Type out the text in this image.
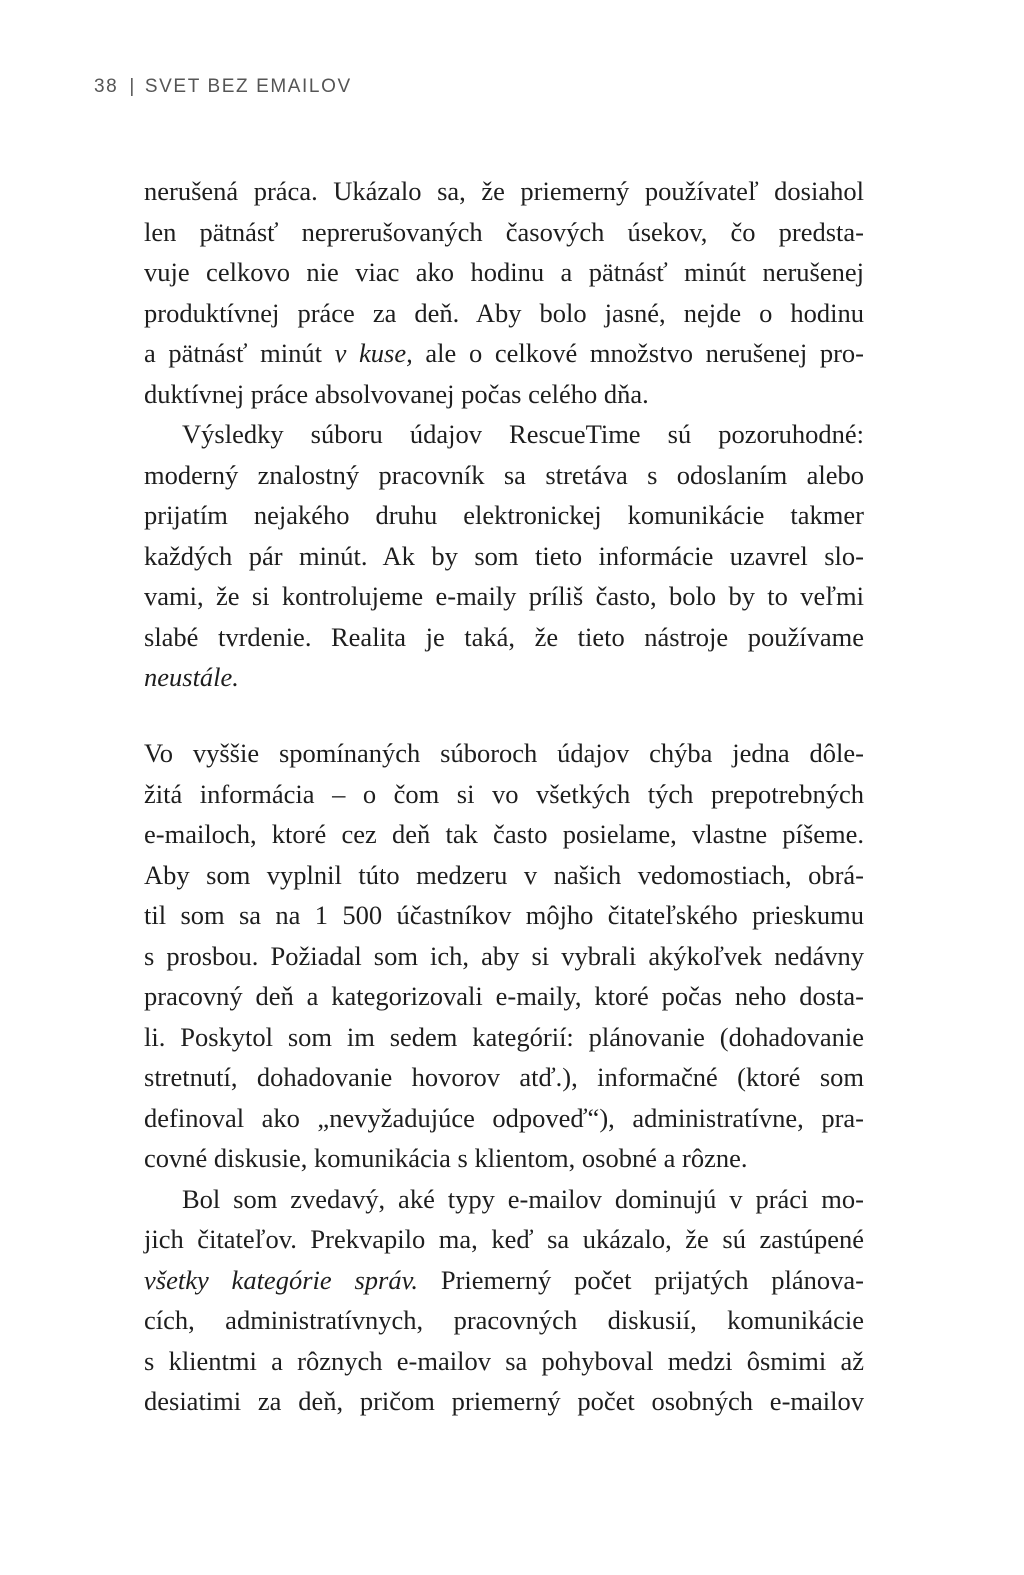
38 | SVET BEZ EMAILOV
nerušená práca. Ukázalo sa, že priemerný používateľ dosiahol
len pätnásť neprerušovaných časových úsekov, čo predsta-
vuje celkovo nie viac ako hodinu a pätnásť minút nerušenej
produktívnej práce za deň. Aby bolo jasné, nejde o hodinu
a pätnásť minút v kuse, ale o celkové množstvo nerušenej pro-
duktívnej práce absolvovanej počas celého dňa.
Výsledky súboru údajov RescueTime sú pozoruhodné:
moderný znalostný pracovník sa stretáva s odoslaním alebo
prijatím nejakého druhu elektronickej komunikácie takmer
každých pár minút. Ak by som tieto informácie uzavrel slo-
vami, že si kontrolujeme e-maily príliš často, bolo by to veľmi
slabé tvrdenie. Realita je taká, že tieto nástroje používame
neustále.
Vo vyššie spomínaných súboroch údajov chýba jedna dôle-
žitá informácia – o čom si vo všetkých tých prepotrebných
e-mailoch, ktoré cez deň tak často posielame, vlastne píšeme.
Aby som vyplnil túto medzeru v našich vedomostiach, obrá-
til som sa na 1 500 účastníkov môjho čitateľského prieskumu
s prosbou. Požiadal som ich, aby si vybrali akýkoľvek nedávny
pracovný deň a kategorizovali e-maily, ktoré počas neho dosta-
li. Poskytol som im sedem kategórií: plánovanie (dohadovanie
stretnutí, dohadovanie hovorov atď.), informačné (ktoré som
definoval ako „nevyžadujúce odpoveď“), administratívne, pra-
covné diskusie, komunikácia s klientom, osobné a rôzne.
Bol som zvedavý, aké typy e-mailov dominujú v práci mo-
jich čitateľov. Prekvapilo ma, keď sa ukázalo, že sú zastúpené
všetky kategórie správ. Priemerný počet prijatých plánova-
cích, administratívnych, pracovných diskusií, komunikácie
s klientmi a rôznych e-mailov sa pohyboval medzi ôsmimi až
desiatimi za deň, pričom priemerný počet osobných e-mailov
